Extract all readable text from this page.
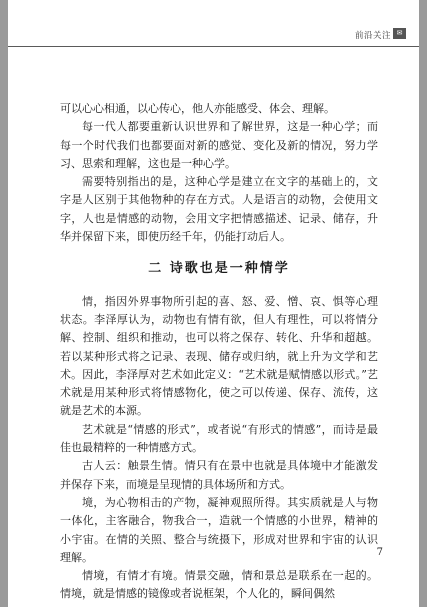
前沿关注 ✉

可以心心相通，以心传心，他人亦能感受、体会、理解。

每一代人都要重新认识世界和了解世界，这是一种心学；而每一个时代我们也都要面对新的感觉、变化及新的情况，努力学习、思索和理解，这也是一种心学。

需要特别指出的是，这种心学是建立在文字的基础上的，文字是人区别于其他物种的存在方式。人是语言的动物，会使用文字，人也是情感的动物，会用文字把情感描述、记录、储存，升华并保留下来，即使历经千年，仍能打动后人。

二 诗歌也是一种情学

情，指因外界事物所引起的喜、怒、爱、憎、哀、惧等心理状态。李泽厚认为，动物也有情有欲，但人有理性，可以将情分解、控制、组织和推动，也可以将之保存、转化、升华和超越。若以某种形式将之记录、表现、储存或归纳，就上升为文学和艺术。因此，李泽厚对艺术如此定义：“艺术就是赋情感以形式。”艺术就是用某种形式将情感物化，使之可以传递、保存、流传，这就是艺术的本源。

艺术就是“情感的形式”，或者说“有形式的情感”，而诗是最佳也最精粹的一种情感方式。

古人云：触景生情。情只有在景中也就是具体境中才能激发并保存下来，而境是呈现情的具体场所和方式。

境，为心物相击的产物，凝神观照所得。其实质就是人与物一体化，主客融合，物我合一，造就一个情感的小世界，精神的小宇宙。在情的关照、整合与统摄下，形成对世界和宇宙的认识理解。

情境，有情才有境。情景交融，情和景总是联系在一起的。情境，就是情感的镜像或者说框架，个人化的，瞬间偶然

7
